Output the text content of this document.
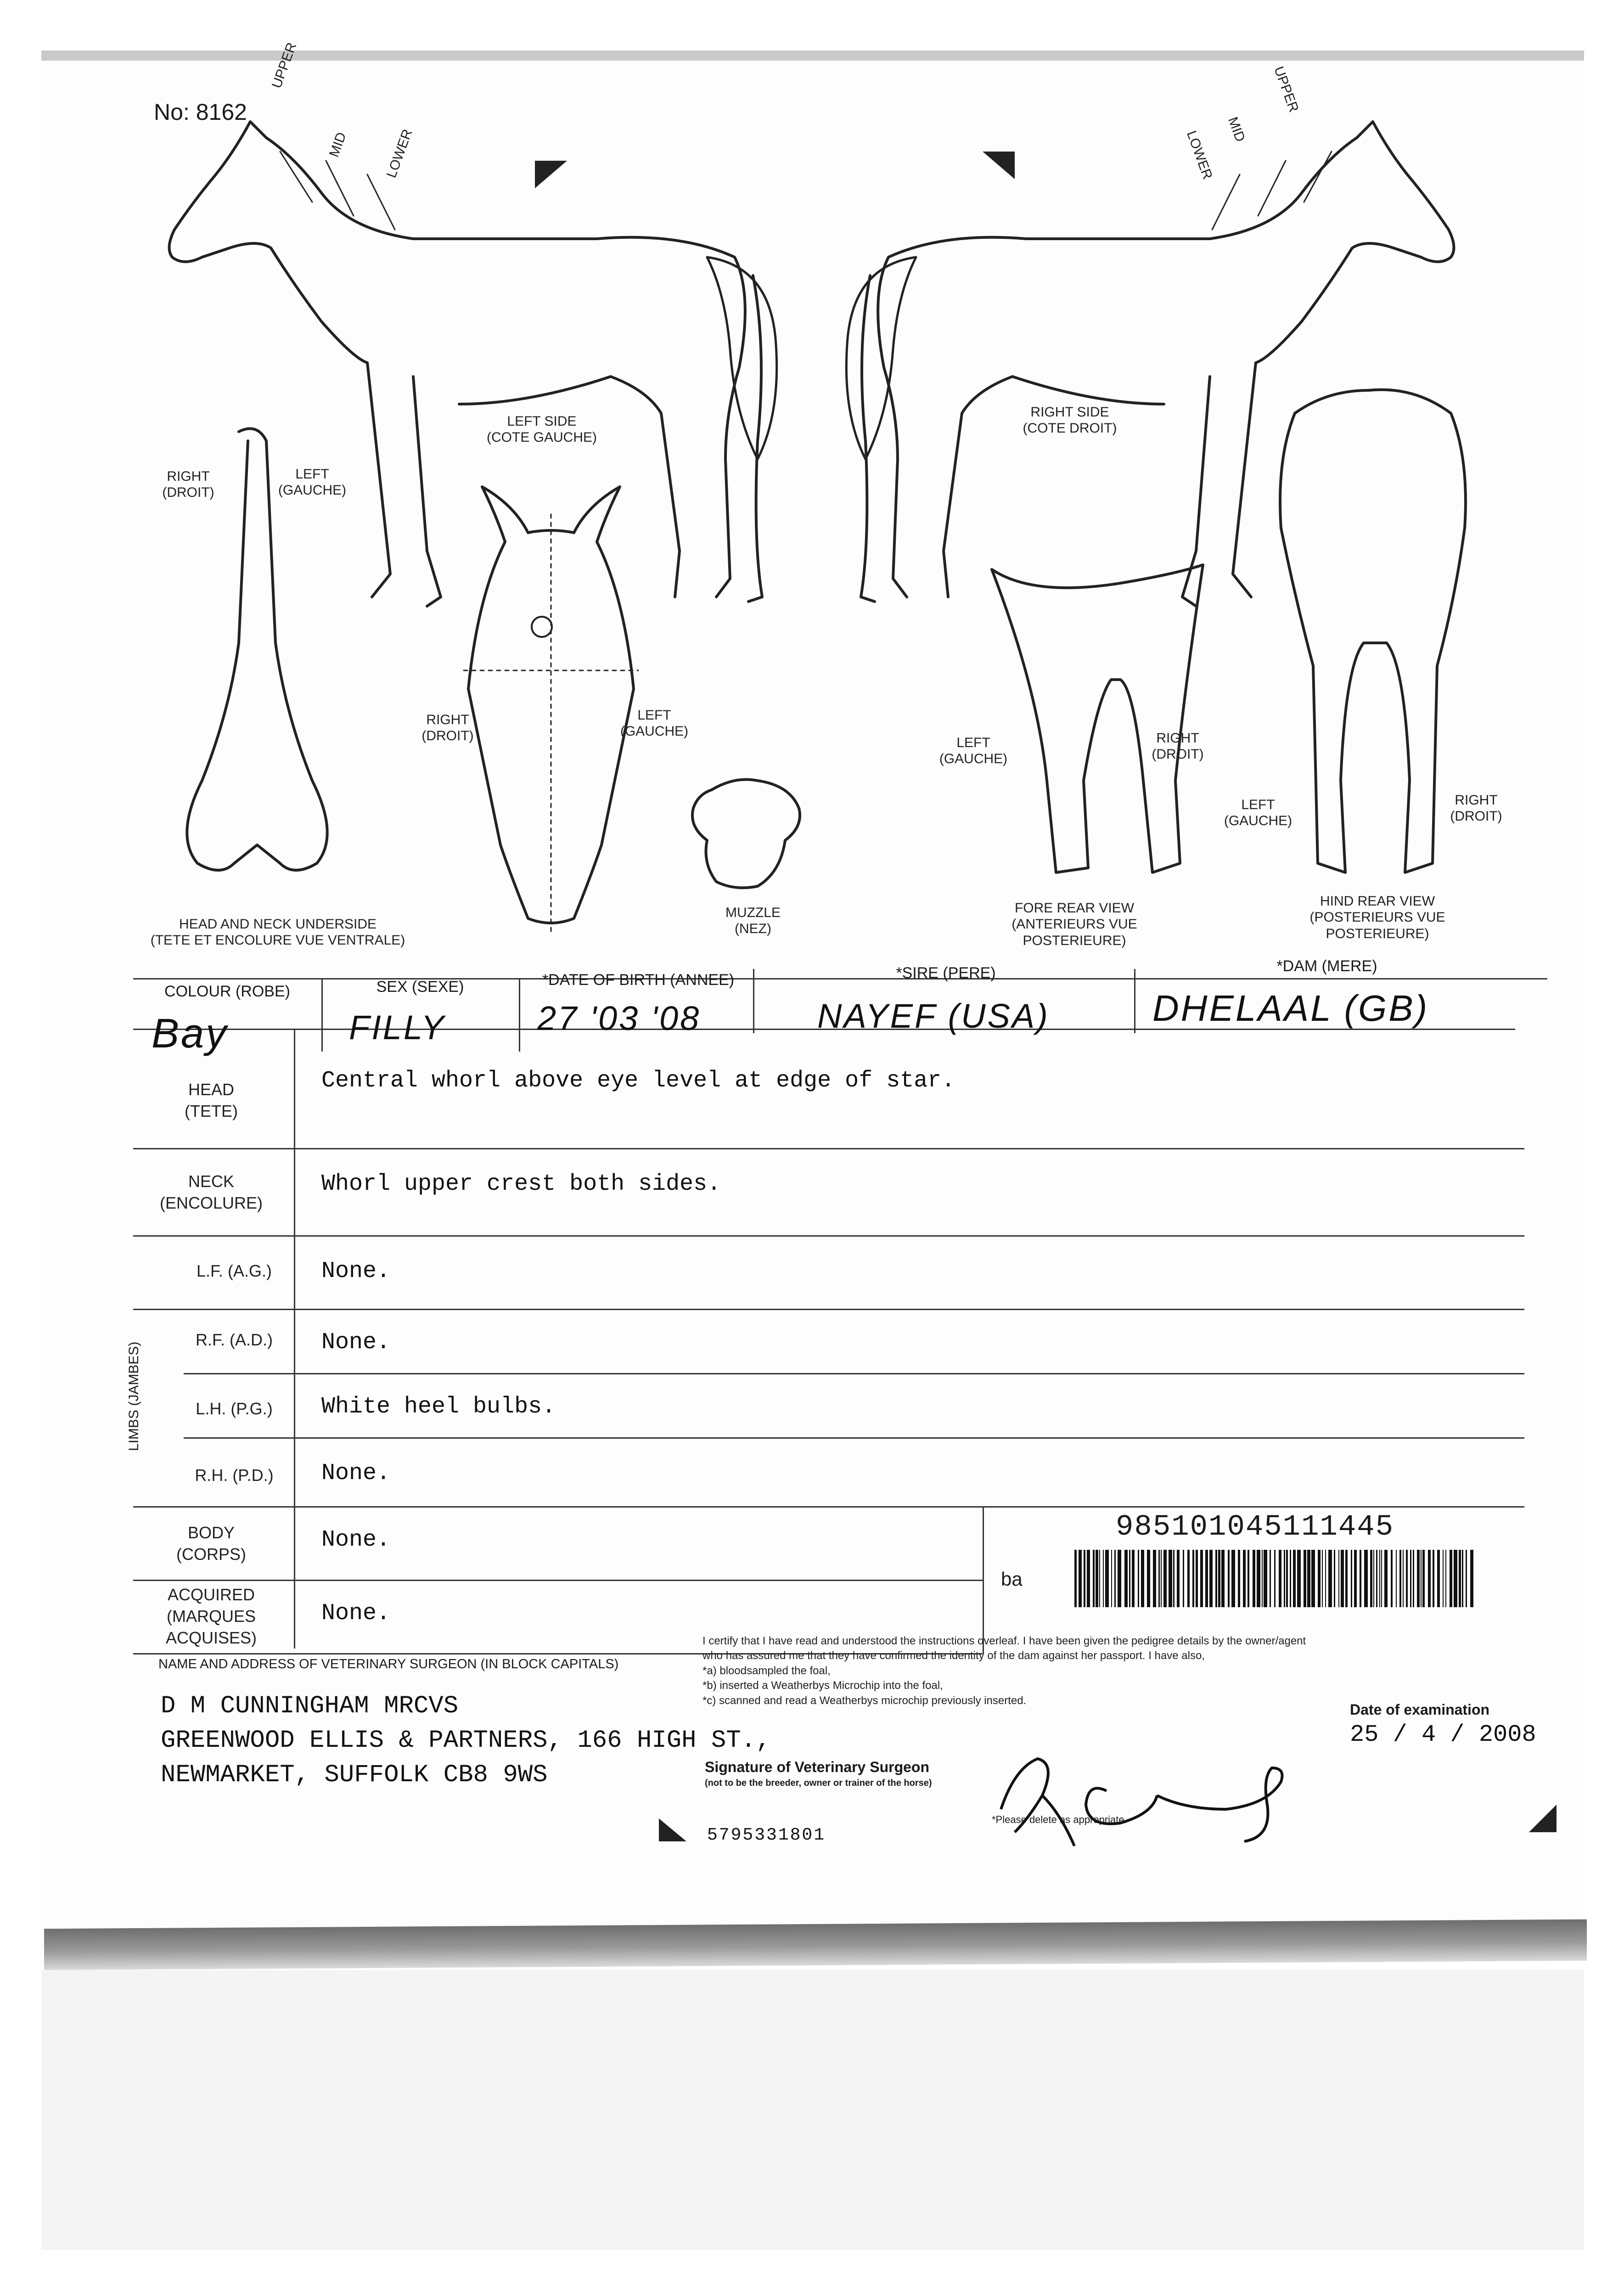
No: 8162
UPPER
MID	LOWER
UPPER
MID
LOWER
LEFT SIDE
(COTE GAUCHE)
RIGHT SIDE
(COTE DROIT)
RIGHT
(DROIT)
LEFT
(GAUCHE)
HEAD AND NECK UNDERSIDE
(TETE ET ENCOLURE VUE VENTRALE)
RIGHT
(DROIT)
LEFT
(GAUCHE)
MUZZLE
(NEZ)
LEFT
(GAUCHE)
RIGHT
(DROIT)
FORE REAR VIEW
(ANTERIEURS VUE
POSTERIEURE)
LEFT
(GAUCHE)
RIGHT
(DROIT)
HIND REAR VIEW
(POSTERIEURS VUE
POSTERIEURE)
COLOUR (ROBE)
Bay
SEX (SEXE)
FILLY
*DATE OF BIRTH (ANNEE)
27 '03 '08
*SIRE (PERE)
NAYEF (USA)
*DAM (MERE)
DHELAAL (GB)
HEAD
(TETE)
Central whorl above eye level at edge of star.
NECK
(ENCOLURE)
Whorl upper crest both sides.
LIMBS (JAMBES)
L.F. (A.G.)	None.
R.F. (A.D.)	None.
L.H. (P.G.)	White heel bulbs.
R.H. (P.D.)	None.
BODY
(CORPS)
None.
ACQUIRED
(MARQUES
ACQUISES)
None.
ba
985101045111445
NAME AND ADDRESS OF VETERINARY SURGEON (IN BLOCK CAPITALS)
D M CUNNINGHAM MRCVS
GREENWOOD ELLIS & PARTNERS, 166 HIGH ST.,
NEWMARKET, SUFFOLK CB8 9WS
I certify that I have read and understood the instructions overleaf. I have been given the pedigree details by the owner/agent
who has assured me that they have confirmed the identity of the dam against her passport. I have also,
*a) bloodsampled the foal,
*b) inserted a Weatherbys Microchip into the foal,
*c) scanned and read a Weatherbys microchip previously inserted.
Signature of Veterinary Surgeon
(not to be the breeder, owner or trainer of the horse)
*Please delete as appropriate
Date of examination
25 / 4 / 2008
5795331801
